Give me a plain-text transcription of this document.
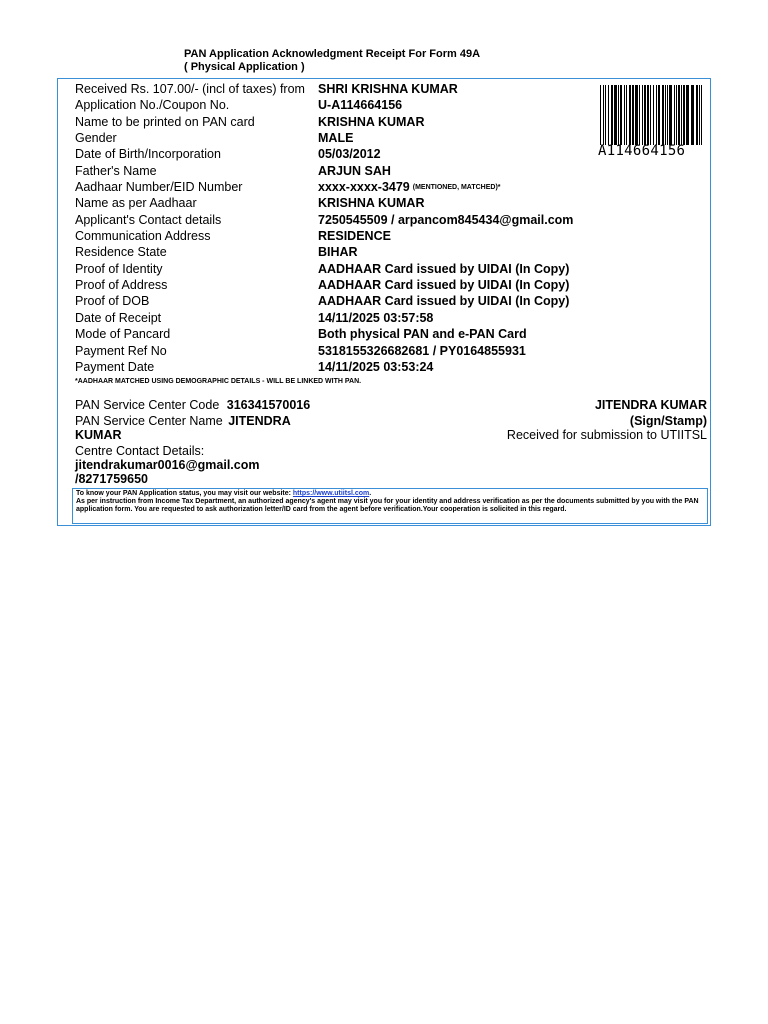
PAN Application Acknowledgment Receipt For Form 49A
( Physical Application )
Received Rs. 107.00/- (incl of taxes) from	SHRI KRISHNA KUMAR
Application No./Coupon No.	U-A114664156
Name to be printed on PAN card	KRISHNA KUMAR
Gender	MALE
Date of Birth/Incorporation	05/03/2012
Father's Name	ARJUN SAH
Aadhaar Number/EID Number	xxxx-xxxx-3479 (MENTIONED, MATCHED)*
Name as per Aadhaar	KRISHNA KUMAR
Applicant's Contact details	7250545509 / arpancom845434@gmail.com
Communication Address	RESIDENCE
Residence State	BIHAR
Proof of Identity	AADHAAR Card issued by UIDAI (In Copy)
Proof of Address	AADHAAR Card issued by UIDAI (In Copy)
Proof of DOB	AADHAAR Card issued by UIDAI (In Copy)
Date of Receipt	14/11/2025 03:57:58
Mode of Pancard	Both physical PAN and e-PAN Card
Payment Ref No	5318155326682681 / PY0164855931
Payment Date	14/11/2025 03:53:24
A114664156
*AADHAAR MATCHED USING DEMOGRAPHIC DETAILS - WILL BE LINKED WITH PAN.
PAN Service Center Code 316341570016
PAN Service Center Name JITENDRA
KUMAR
Centre Contact Details:
jitendrakumar0016@gmail.com
/8271759650
JITENDRA KUMAR
(Sign/Stamp)
Received for submission to UTIITSL
To know your PAN Application status, you may visit our website: https://www.utiitsl.com.
As per instruction from Income Tax Department, an authorized agency's agent may visit you for your identity and address verification as per the documents submitted by you with the PAN application form. You are requested to ask authorization letter/ID card from the agent before verification.Your cooperation is solicited in this regard.
